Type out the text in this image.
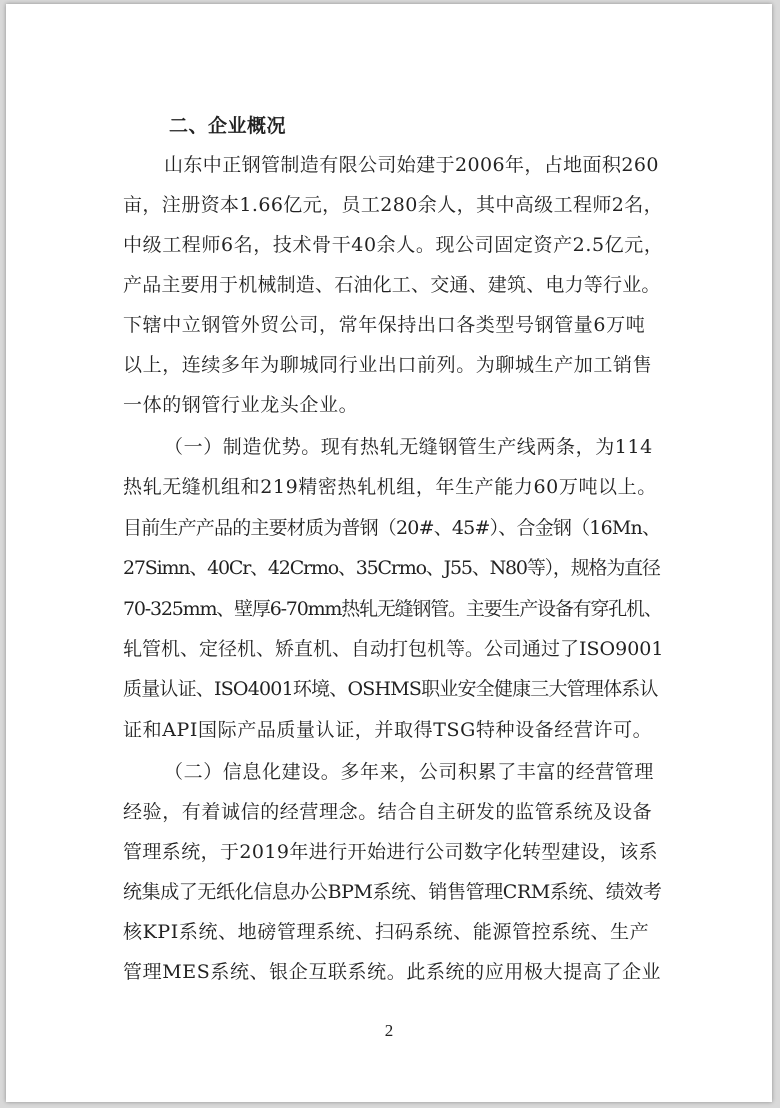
二、企业概况
山东中正钢管制造有限公司始建于2006年，占地面积260
亩，注册资本1.66亿元，员工280余人，其中高级工程师2名，
中级工程师6名，技术骨干40余人。现公司固定资产2.5亿元，
产品主要用于机械制造、石油化工、交通、建筑、电力等行业。
下辖中立钢管外贸公司，常年保持出口各类型号钢管量6万吨
以上，连续多年为聊城同行业出口前列。为聊城生产加工销售
一体的钢管行业龙头企业。
（一）制造优势。现有热轧无缝钢管生产线两条，为114
热轧无缝机组和219精密热轧机组，年生产能力60万吨以上。
目前生产产品的主要材质为普钢（20#、45#）、合金钢（16Mn、
27Simn、40Cr、42Crmo、35Crmo、J55、N80等），规格为直径
70-325mm、壁厚6-70mm热轧无缝钢管。主要生产设备有穿孔机、
轧管机、定径机、矫直机、自动打包机等。公司通过了ISO9001
质量认证、ISO4001环境、OSHMS职业安全健康三大管理体系认
证和API国际产品质量认证，并取得TSG特种设备经营许可。
（二）信息化建设。多年来，公司积累了丰富的经营管理
经验，有着诚信的经营理念。结合自主研发的监管系统及设备
管理系统，于2019年进行开始进行公司数字化转型建设，该系
统集成了无纸化信息办公BPM系统、销售管理CRM系统、绩效考
核KPI系统、地磅管理系统、扫码系统、能源管控系统、生产
管理MES系统、银企互联系统。此系统的应用极大提高了企业
2
